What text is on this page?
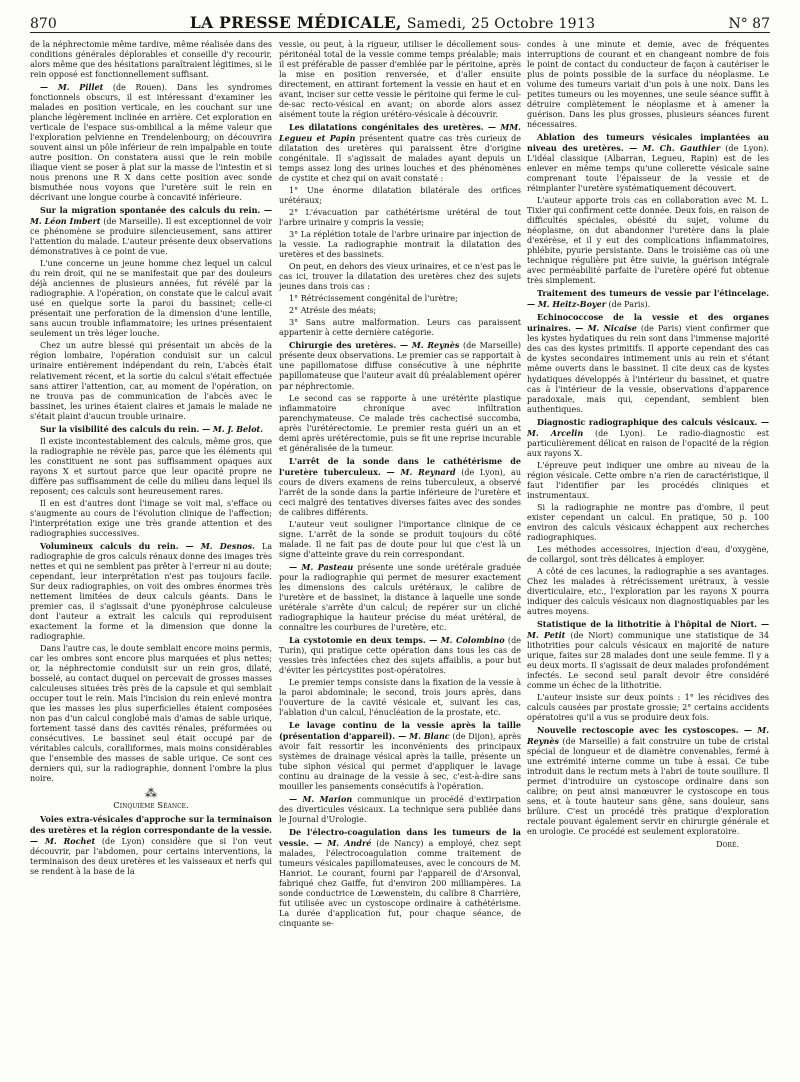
870	LA PRESSE MÉDICALE, Samedi, 25 Octobre 1913	N° 87

de la néphrectomie même tardive, même réalisée dans des conditions générales déplorables et conseille d'y recourir, alors même que des hésitations paraîtraient légitimes, si le rein opposé est fonctionnellement suffisant.

— M. Pillet (de Rouen). Dans les syndromes fonctionnels obscurs, il est intéressant d'examiner les malades en position verticale, en les couchant sur une planche légèrement inclinée en arrière. Cet exploration en verticale de l'espace sus-ombilical a la même valeur que l'exploration pelvienne en Trendelenbourg; on découvrira souvent ainsi un pôle inférieur de rein impalpable en toute autre position. On constatera aussi que le rein mobile iliaque vient se poser à plat sur la masse de l'intestin et si nous prenons une R X dans cette position avec sonde bismuthée nous voyons que l'uretère suit le rein en décrivant une longue courbe à concavité inférieure.

Sur la migration spontanée des calculs du rein. — M. Léon Imbert (de Marseille). Il est exceptionnel de voir ce phénomène se produire silencieusement, sans attirer l'attention du malade. L'auteur présente deux observations démonstratives à ce point de vue.

L'une concerne un jeune homme chez lequel un calcul du rein droit, qui ne se manifestait que par des douleurs déjà anciennes de plusieurs années, fut révélé par la radiographie. A l'opération, on constate que le calcul avait usé en quelque sorte la paroi du bassinet; celle-ci présentait une perforation de la dimension d'une lentille, sans aucun trouble inflammatoire; les urines présentaient seulement un très léger louche.

Chez un autre blessé qui présentait un abcès de la région lombaire, l'opération conduisit sur un calcul urinaire entièrement indépendant du rein, L'abcès était relativement récent, et la sortie du calcul s'était effectuée sans attirer l'attention, car, au moment de l'opération, on ne trouva pas de communication de l'abcès avec le bassinet, les urines étaient claires et jamais le malade ne s'était plaint d'aucun trouble urinaire.

Sur la visibilité des calculs du rein. — M. J. Belot.

Il existe incontestablement des calculs, même gros, que la radiographie ne révèle pas, parce que les éléments qui les constituent ne sont pas suffisamment opaques aux rayons X et surtout parce que leur opacité propre ne diffère pas suffisamment de celle du milieu dans lequel ils reposent; ces calculs sont heureusement rares.

Il en est d'autres dont l'image se voit mal, s'efface ou s'augmente au cours de l'évolution clinique de l'affection; l'interprétation exige une très grande attention et des radiographies successives.

Volumineux calculs du rein. — M. Desnos. La radiographie de gros calculs rénaux donne des images très nettes et qui ne semblent pas prêter à l'erreur ni au doute; cependant, leur interprétation n'est pas toujours facile. Sur deux radiographies, on voit des ombres énormes très nettement limitées de deux calculs géants. Dans le premier cas, il s'agissait d'une pyonéphrose calculeuse dont l'auteur a extrait les calculs qui reproduisent exactement la forme et la dimension que donne la radiographie.

Dans l'autre cas, le doute semblait encore moins permis, car les ombres sont encore plus marquées et plus nettes; or, la néphrectomie conduisit sur un rein gros, dilaté, bosselé, au contact duquel on percevait de grosses masses calculeuses situées très près de la capsule et qui semblait occuper tout le rein. Mais l'incision du rein enlevé montra que les masses les plus superficielles étaient composées non pas d'un calcul conglobé mais d'amas de sable urique, fortement tassé dans des cavités rénales, préformées ou consécutives. Le bassinet seul était occupé par de véritables calculs, coralliformes, mais moins considérables que l'ensemble des masses de sable urique. Ce sont ces derniers qui, sur la radiographie, donnent l'ombre la plus noire.

⁂

Cinquième Séance.

Voies extra-vésicales d'approche sur la terminaison des uretères et la région correspondante de la vessie. — M. Rochet (de Lyon) considère que si l'on veut découvrir, par l'abdomen, pour certains interventions, la terminaison des deux uretères et les vaisseaux et nerfs qui se rendent à la base de la

vessie, ou peut, à la rigueur, utiliser le décollement sous-péritonéal total de la vessie comme temps préalable; mais il est préférable de passer d'emblée par le péritoine, après la mise en position renversée, et d'aller ensuite directement, en attirant fortement la vessie en haut et en avant, inciser sur cette vessie le péritoine qui ferme le cul-de-sac recto-vésical en avant; on aborde alors assez aisément toute la région urétéro-vésicale à découvrir.

Les dilatations congénitales des uretères. — MM. Legueu et Papin présentent quatre cas très curieux de dilatation des uretères qui paraissent être d'origine congénitale. Il s'agissait de malades ayant depuis un temps assez long des urines louches et des phénomènes de cystite et chez qui on avait constaté :

1° Une énorme dilatation bilatérale des orifices urétéraux;

2° L'évacuation par cathétérisme urétéral de tout l'arbre urinaire y compris la vessie;

3° La réplétion totale de l'arbre urinaire par injection de la vessie. La radiographie montrait la dilatation des uretères et des bassinets.

On peut, en dehors des vieux urinaires, et ce n'est pas le cas ici, trouver la dilatation des uretères chez des sujets jeunes dans trois cas :

1° Rétrécissement congénital de l'urètre;

2° Atrésie des méats;

3° Sans autre malformation. Leurs cas paraissent appartenir à cette dernière catégorie.

Chirurgie des uretères. — M. Reynès (de Marseille) présente deux observations. Le premier cas se rapportait à une papillomatose diffuse consécutive à une néphrite papillomateuse que l'auteur avait dû préalablement opérer par néphrectomie.

Le second cas se rapporte à une urétérite plastique inflammatoire chronique avec infiltration parenchymateuse. Ce malade très cachectisé succomba, après l'urétérectomie. Le premier resta guéri un an et demi après urétérectomie, puis se fit une reprise incurable et généralisée de la tumeur.

L'arrêt de la sonde dans le cathétérisme de l'uretère tuberculeux. — M. Reynard (de Lyon), au cours de divers examens de reins tuberculeux, a observé l'arrêt de la sonde dans la partie inférieure de l'uretère et ceci malgré des tentatives diverses faites avec des sondes de calibres différents.

L'auteur veut souligner l'importance clinique de ce signe. L'arrêt de la sonde se produit toujours du côté malade. Il ne fait pas de doute pour lui que c'est là un signe d'atteinte grave du rein correspondant.

— M. Pasteau présente une sonde urétérale graduée pour la radiographie qui permet de mesurer exactement les dimensions des calculs urétéraux, le calibre de l'uretère et de bassinet, la distance à laquelle une sonde urétérale s'arrête d'un calcul; de repérer sur un cliché radiographique la hauteur précise du méat urétéral, de connaître les courbures de l'uretère, etc.

La cystotomie en deux temps. — M. Colombino (de Turin), qui pratique cette opération dans tous les cas de vessies très infectées chez des sujets affaiblis, a pour but d'éviter les péricystites post-opératoires.

Le premier temps consiste dans la fixation de la vessie à la paroi abdominale; le second, trois jours après, dans l'ouverture de la cavité vésicale et, suivant les cas, l'ablation d'un calcul, l'énucléation de la prostate, etc.

Le lavage continu de la vessie après la taille (présentation d'appareil). — M. Blanc (de Dijon), après avoir fait ressortir les inconvénients des principaux systèmes de drainage vésical après la taille, présente un tube siphon vésical qui permet d'appliquer le lavage continu au drainage de la vessie à sec, c'est-à-dire sans mouiller les pansements consécutifs à l'opération.

— M. Marion communique un procédé d'extirpation des diverticules vésicaux. La technique sera publiée dans le Journal d'Urologie.

De l'électro-coagulation dans les tumeurs de la vessie. — M. André (de Nancy) a employé, chez sept malades, l'électrocoagulation comme traitement de tumeurs vésicales papillomateuses, avec le concours de M. Hanriot. Le courant, fourni par l'appareil de d'Arsonval, fabriqué chez Gaiffe, fut d'environ 200 milliampères. La sonde conductrice de Lœwenstein, du calibre 8 Charrière, fut utilisée avec un cystoscope ordinaire à cathétérisme. La durée d'application fut, pour chaque séance, de cinquante se-

condes à une minute et demie, avec de fréquentes interruptions de courant et en changeant nombre de fois le point de contact du conducteur de façon à cautériser le plus de points possible de la surface du néoplasme. Le volume des tumeurs variait d'un pois à une noix. Dans les petites tumeurs ou les moyennes, une seule séance suffit à détruire complètement le néoplasme et à amener la guérison. Dans les plus grosses, plusieurs séances furent nécessaires.

Ablation des tumeurs vésicales implantées au niveau des uretères. — M. Ch. Gauthier (de Lyon). L'idéal classique (Albarran, Legueu, Rapin) est de les enlever en même temps qu'une collerette vésicale saine comprenant toute l'épaisseur de la vessie et de réimplanter l'uretère systématiquement découvert.

L'auteur apporte trois cas en collaboration avec M. L. Tixier qui confirment cette donnée. Deux fois, en raison de difficultés spéciales, obésité du sujet, volume du néoplasme, on dut abandonner l'uretère dans la plaie d'exérèse, et il y eut des complications inflammatoires, phlébite, pyurie persistante. Dans le troisième cas où une technique régulière put être suivie, la guérison intégrale avec perméabilité parfaite de l'uretère opéré fut obtenue très simplement.

Traitement des tumeurs de vessie par l'étincelage. — M. Heitz-Boyer (de Paris).

Echinococcose de la vessie et des organes urinaires. — M. Nicaise (de Paris) vient confirmer que les kystes hydatiques du rein sont dans l'immense majorité des cas des kystes primitifs. Il apporte cependant des cas de kystes secondaires intimement unis au rein et s'étant même ouverts dans le bassinet. Il cite deux cas de kystes hydatiques développés à l'intérieur du bassinet, et quatre cas à l'intérieur de la vessie, observations d'apparence paradoxale, mais qui, cependant, semblent bien authentiques.

Diagnostic radiographique des calculs vésicaux. — M. Arcelin (de Lyon). Le radio-diagnostic est particulièrement délicat en raison de l'opacité de la région aux rayons X.

L'épreuve peut indiquer une ombre au niveau de la région vésicale. Cette ombre n'a rien de caractéristique, il faut l'identifier par les procédés cliniques et instrumentaux.

Si la radiographie ne montre pas d'ombre, il peut exister cependant un calcul. En pratique, 50 p. 100 environ des calculs vésicaux échappent aux recherches radiographiques.

Les méthodes accessoires, injection d'eau, d'oxygène, de collargol, sont très délicates à employer.

A côté de ces lacunes, la radiographie a ses avantages. Chez les malades à rétrécissement urétraux, à vessie diverticulaire, etc., l'exploration par les rayons X pourra indiquer des calculs vésicaux non diagnostiquables par les autres moyens.

Statistique de la lithotritie à l'hôpital de Niort. — M. Petit (de Niort) communique une statistique de 34 lithotrities pour calculs vésicaux en majorité de nature urique, faites sur 28 malades dont une seule femme. Il y a eu deux morts. Il s'agissait de deux malades profondément infectés. Le second seul paraît devoir être considéré comme un échec de la lithotritie.

L'auteur insiste sur deux points : 1° les récidives des calculs causées par prostate grossie; 2° certains accidents opératoires qu'il a vus se produire deux fois.

Nouvelle rectoscopie avec les cystoscopes. — M. Reynès (de Marseille) a fait construire un tube de cristal spécial de longueur et de diamètre convenables, fermé à une extrémité interne comme un tube à essai. Ce tube introduit dans le rectum mets à l'abri de toute souillure. Il permet d'introduire un cystoscope ordinaire dans son calibre; on peut ainsi manœuvrer le cystoscope en tous sens, et à toute hauteur sans gêne, sans douleur, sans brûlure. C'est un procédé très pratique d'exploration rectale pouvant également servir en chirurgie générale et en urologie. Ce procédé est seulement exploratoire.

Doré.
